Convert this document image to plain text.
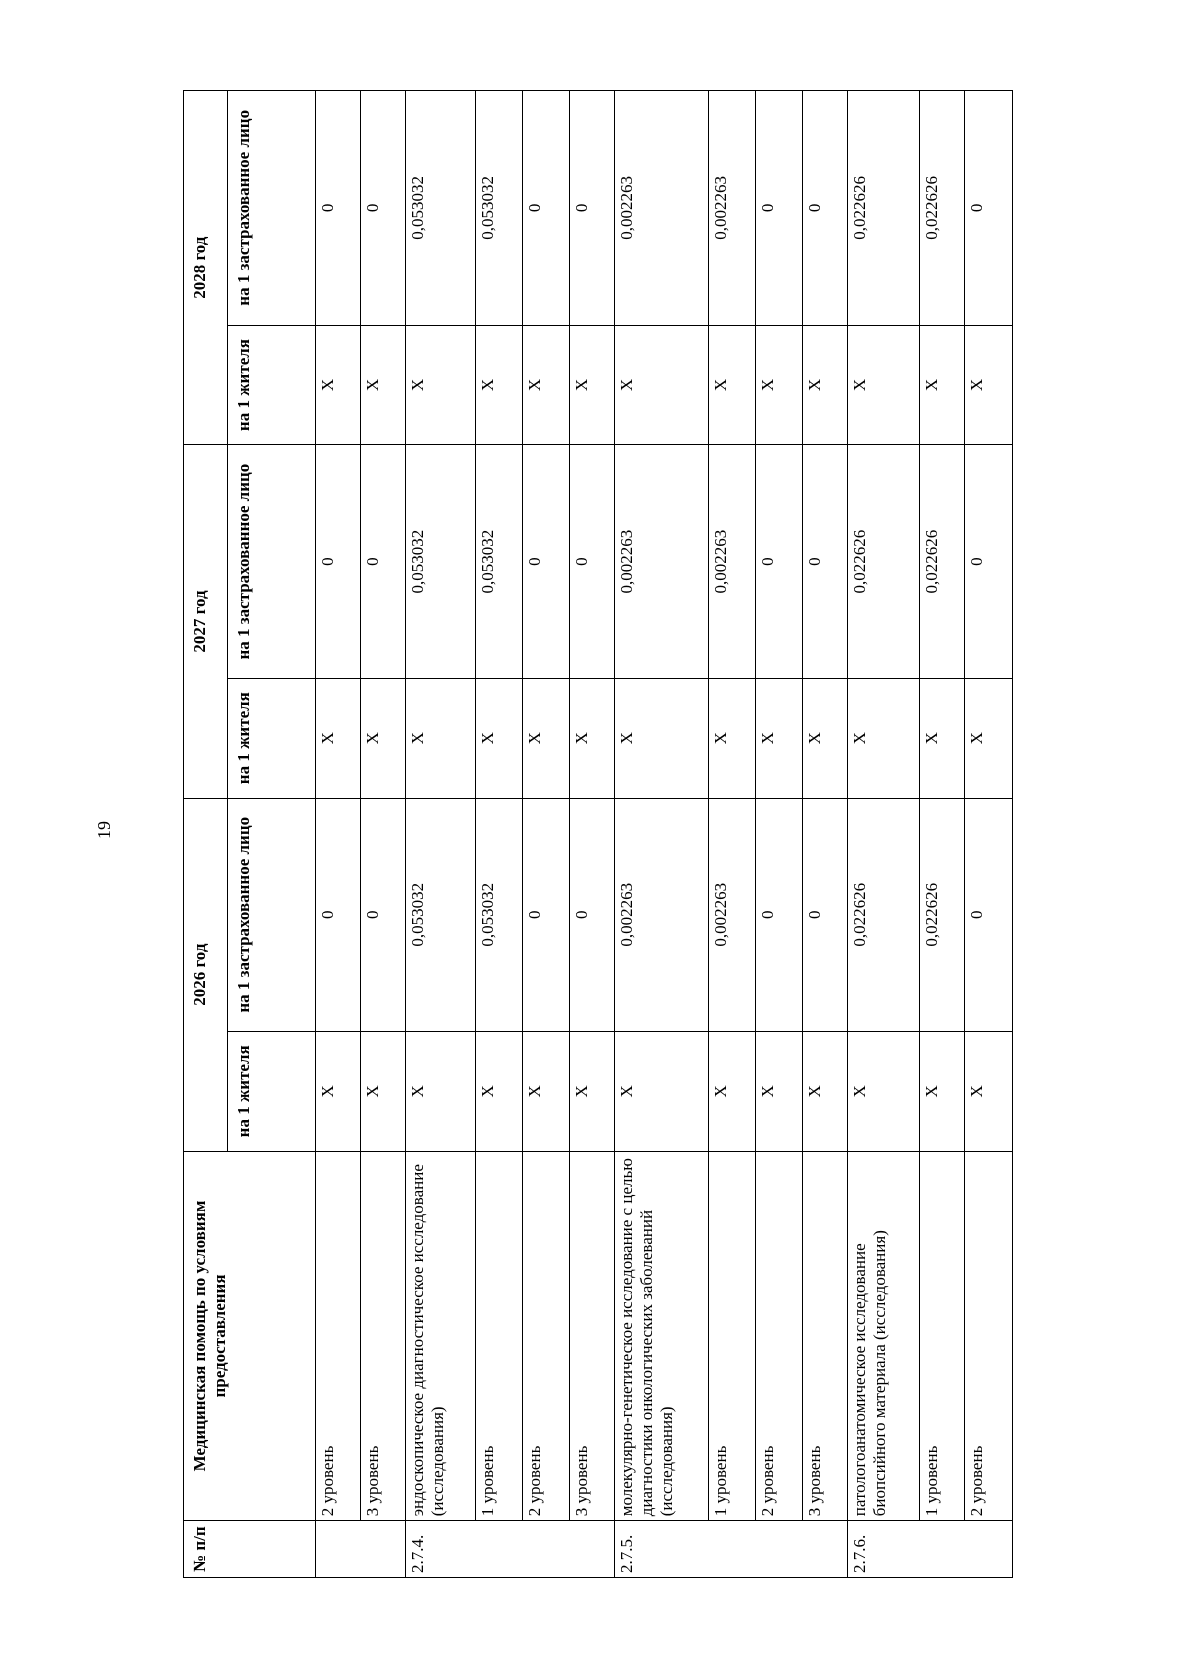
19
№ п/п	Медицинская помощь по условиям предоставления	2026 год		2027 год		2028 год	
		на 1 жителя	на 1 застрахованное лицо	на 1 жителя	на 1 застрахованное лицо	на 1 жителя	на 1 застрахованное лицо
	2 уровень	X	0	X	0	X	0
	3 уровень	X	0	X	0	X	0
2.7.4.	эндоскопическое диагностическое исследование (исследования)	X	0,053032	X	0,053032	X	0,053032
	1 уровень	X	0,053032	X	0,053032	X	0,053032
	2 уровень	X	0	X	0	X	0
	3 уровень	X	0	X	0	X	0
2.7.5.	молекулярно-генетическое исследование с целью диагностики онкологических заболеваний (исследования)	X	0,002263	X	0,002263	X	0,002263
	1 уровень	X	0,002263	X	0,002263	X	0,002263
	2 уровень	X	0	X	0	X	0
	3 уровень	X	0	X	0	X	0
2.7.6.	патологоанатомическое исследование биопсийного материала (исследования)	X	0,022626	X	0,022626	X	0,022626
	1 уровень	X	0,022626	X	0,022626	X	0,022626
	2 уровень	X	0	X	0	X	0
